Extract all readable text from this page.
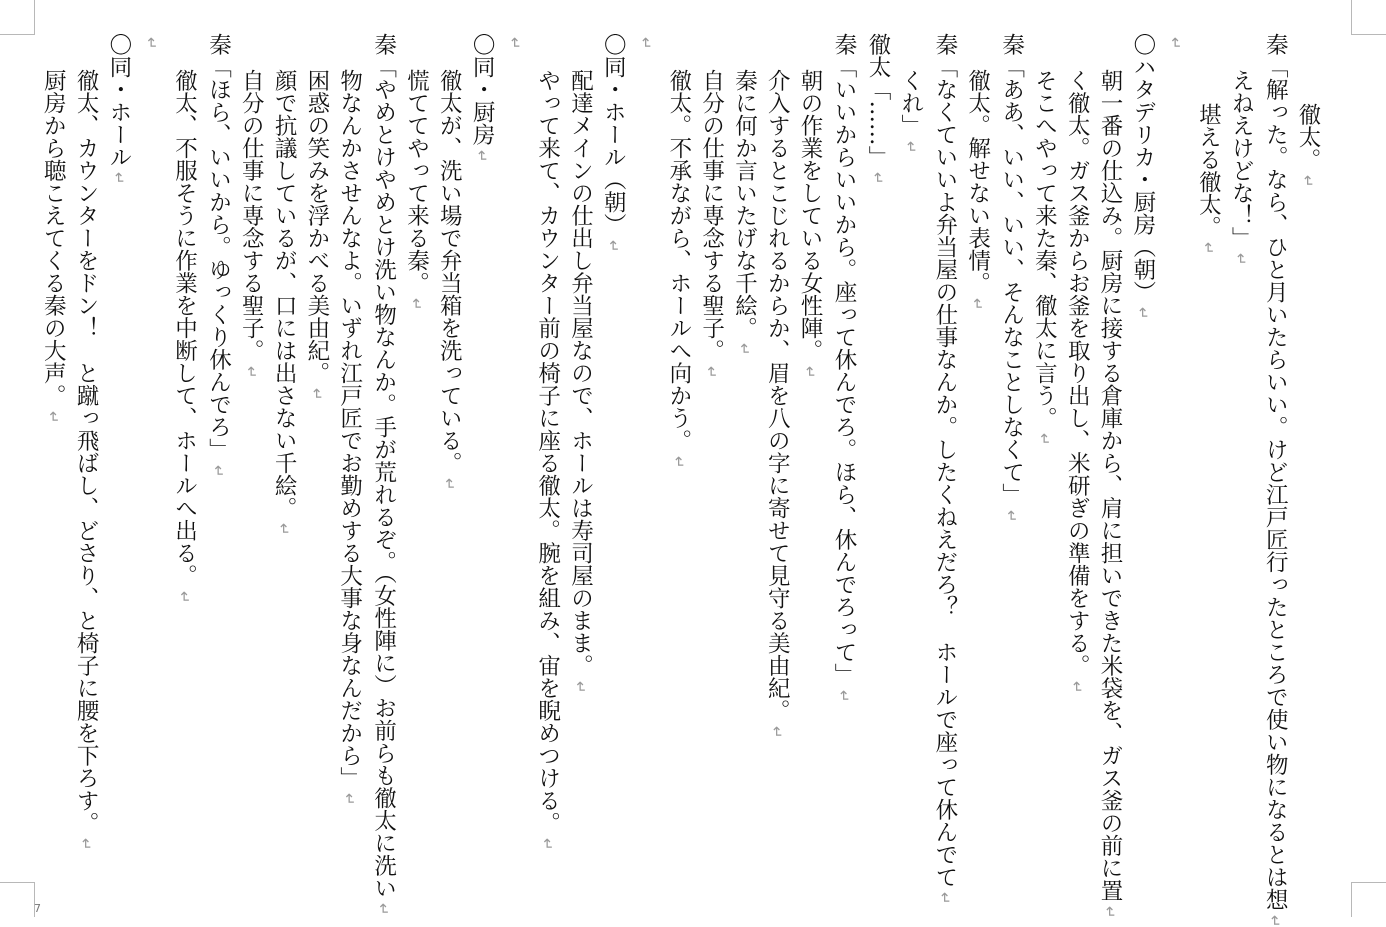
徹太。↵
秦「解った。なら、ひと月いたらいい。けど江戸匠行ったところで使い物になるとは想↵
えねえけどな！」↵
堪える徹太。↵
↵
〇ハタデリカ・厨房（朝）↵
朝一番の仕込み。厨房に接する倉庫から、肩に担いできた米袋を、ガス釜の前に置↵
く徹太。ガス釜からお釜を取り出し、米研ぎの準備をする。↵
そこへやって来た秦、徹太に言う。↵
秦「ああ、いい、いい、そんなことしなくて」↵
徹太。解せない表情。↵
秦「なくていいよ弁当屋の仕事なんか。したくねえだろ？　ホールで座って休んでて↵
くれ」↵
徹太「……」↵
秦「いいからいいから。座って休んでろ。ほら、休んでろって」↵
朝の作業をしている女性陣。↵
介入するとこじれるからか、眉を八の字に寄せて見守る美由紀。↵
秦に何か言いたげな千絵。↵
自分の仕事に専念する聖子。↵
徹太。不承ながら、ホールへ向かう。↵
↵
〇同・ホール（朝）↵
配達メインの仕出し弁当屋なので、ホールは寿司屋のまま。↵
やって来て、カウンター前の椅子に座る徹太。腕を組み、宙を睨めつける。↵
↵
〇同・厨房↵
徹太が、洗い場で弁当箱を洗っている。↵
慌ててやって来る秦。↵
秦「やめとけやめとけ洗い物なんか。手が荒れるぞ。（女性陣に）お前らも徹太に洗い↵
物なんかさせんなよ。いずれ江戸匠でお勤めする大事な身なんだから」↵
困惑の笑みを浮かべる美由紀。↵
顔で抗議しているが、口には出さない千絵。↵
自分の仕事に専念する聖子。↵
秦「ほら、いいから。ゆっくり休んでろ」↵
徹太、不服そうに作業を中断して、ホールへ出る。↵
↵
〇同・ホール↵
徹太、カウンターをドン！　と蹴っ飛ばし、どさり、と椅子に腰を下ろす。↵
厨房から聴こえてくる秦の大声。↵
7
